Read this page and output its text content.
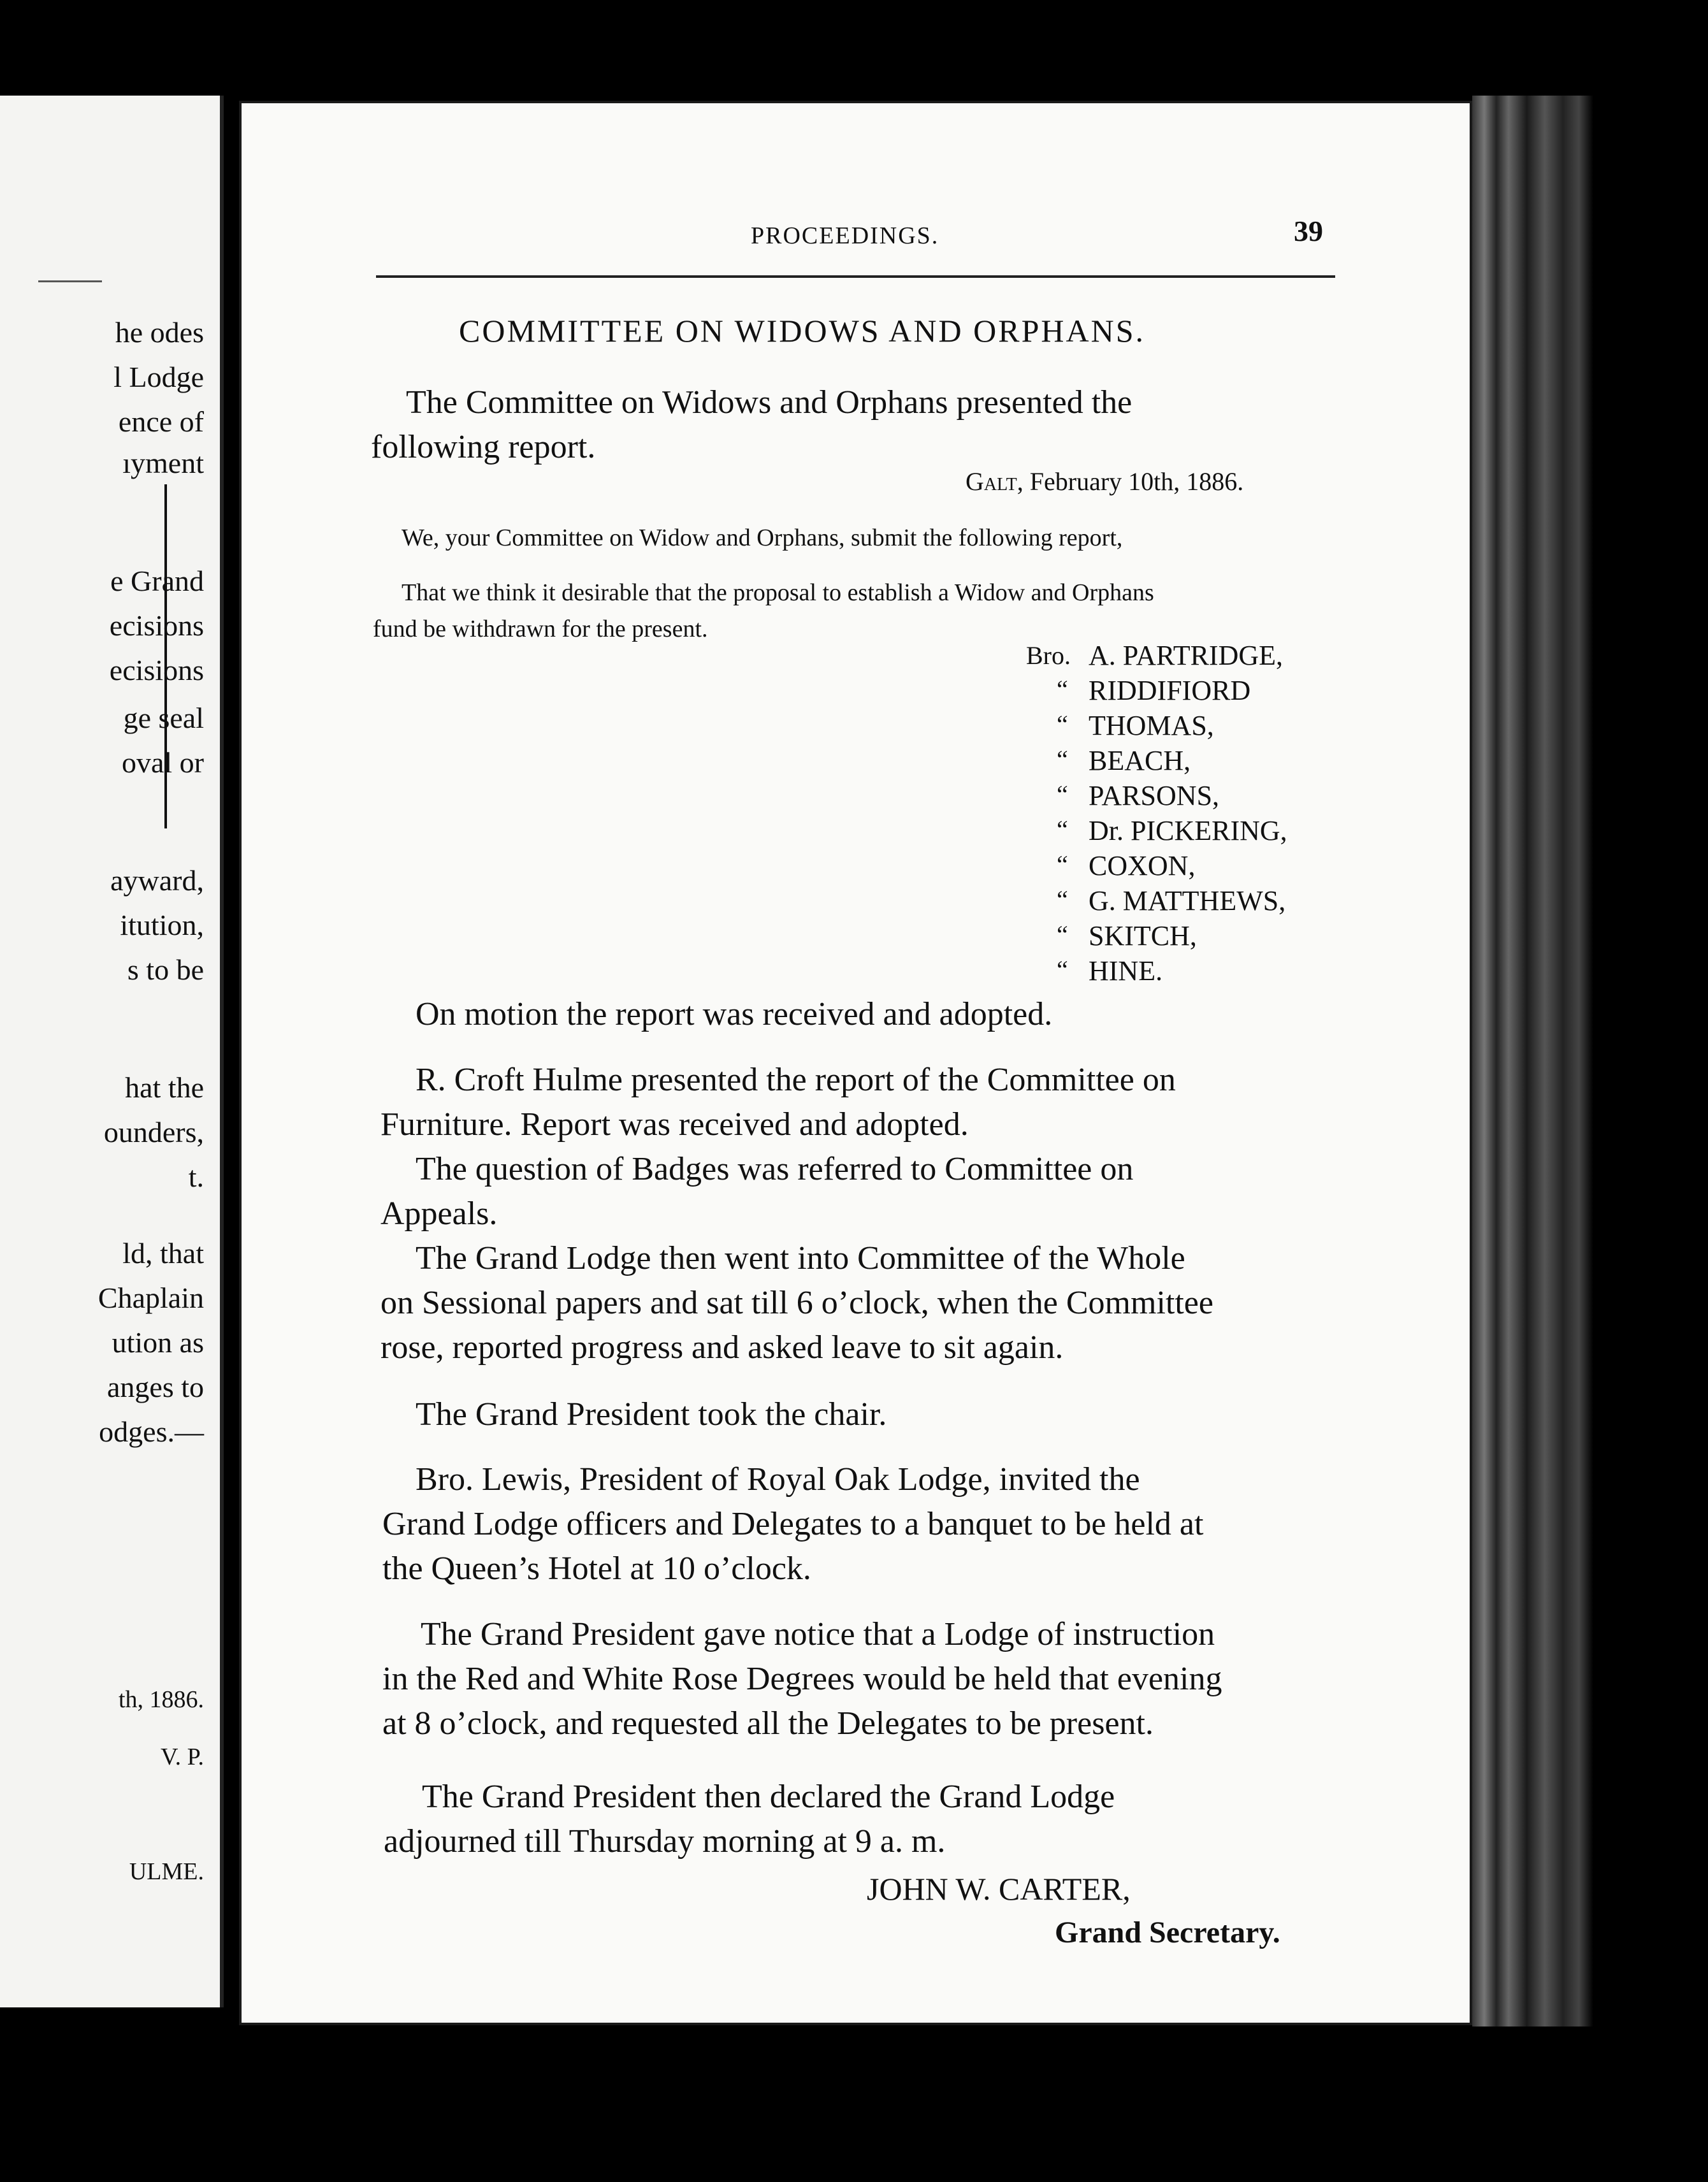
he odes
l Lodge
ence of
ıyment
e Grand
ecisions
ecisions
ge seal
oval or
ayward,
itution,
s to be
hat the
ounders,
t.
ld, that
Chaplain
ution as
anges to
odges.—
th, 1886.
V. P.
ULME.
PROCEEDINGS.	39
COMMITTEE ON WIDOWS AND ORPHANS.
The Committee on Widows and Orphans presented the
following report.
Galt, February 10th, 1886.
We, your Committee on Widow and Orphans, submit the following report,
That we think it desirable that the proposal to establish a Widow and Orphans
fund be withdrawn for the present.
Bro. A. PARTRIDGE,
“ RIDDIFIORD
“ THOMAS,
“ BEACH,
“ PARSONS,
“ Dr. PICKERING,
“ COXON,
“ G. MATTHEWS,
“ SKITCH,
“ HINE.
On motion the report was received and adopted.
R. Croft Hulme presented the report of the Committee on
Furniture. Report was received and adopted.
The question of Badges was referred to Committee on
Appeals.
The Grand Lodge then went into Committee of the Whole
on Sessional papers and sat till 6 o’clock, when the Committee
rose, reported progress and asked leave to sit again.
The Grand President took the chair.
Bro. Lewis, President of Royal Oak Lodge, invited the
Grand Lodge officers and Delegates to a banquet to be held at
the Queen’s Hotel at 10 o’clock.
The Grand President gave notice that a Lodge of instruction
in the Red and White Rose Degrees would be held that evening
at 8 o’clock, and requested all the Delegates to be present.
The Grand President then declared the Grand Lodge
adjourned till Thursday morning at 9 a. m.
JOHN W. CARTER,
Grand Secretary.
